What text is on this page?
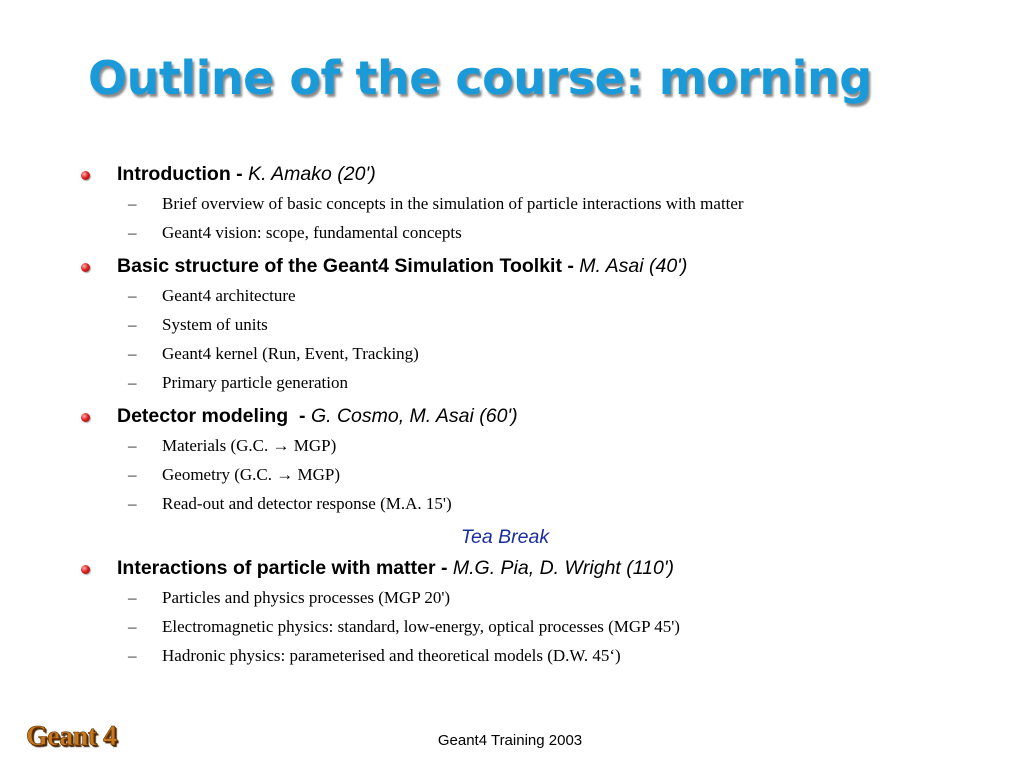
Outline of the course: morning
Introduction - K. Amako (20')
– Brief overview of basic concepts in the simulation of particle interactions with matter
– Geant4 vision: scope, fundamental concepts
Basic structure of the Geant4 Simulation Toolkit - M. Asai (40')
– Geant4 architecture
– System of units
– Geant4 kernel (Run, Event, Tracking)
– Primary particle generation
Detector modeling  - G. Cosmo, M. Asai (60')
– Materials (G.C. → MGP)
– Geometry (G.C. → MGP)
– Read-out and detector response (M.A. 15')
Tea Break
Interactions of particle with matter - M.G. Pia, D. Wright (110')
– Particles and physics processes (MGP 20')
– Electromagnetic physics: standard, low-energy, optical processes (MGP 45')
– Hadronic physics: parameterised and theoretical models (D.W. 45‘)
Geant 4	Geant4 Training 2003
